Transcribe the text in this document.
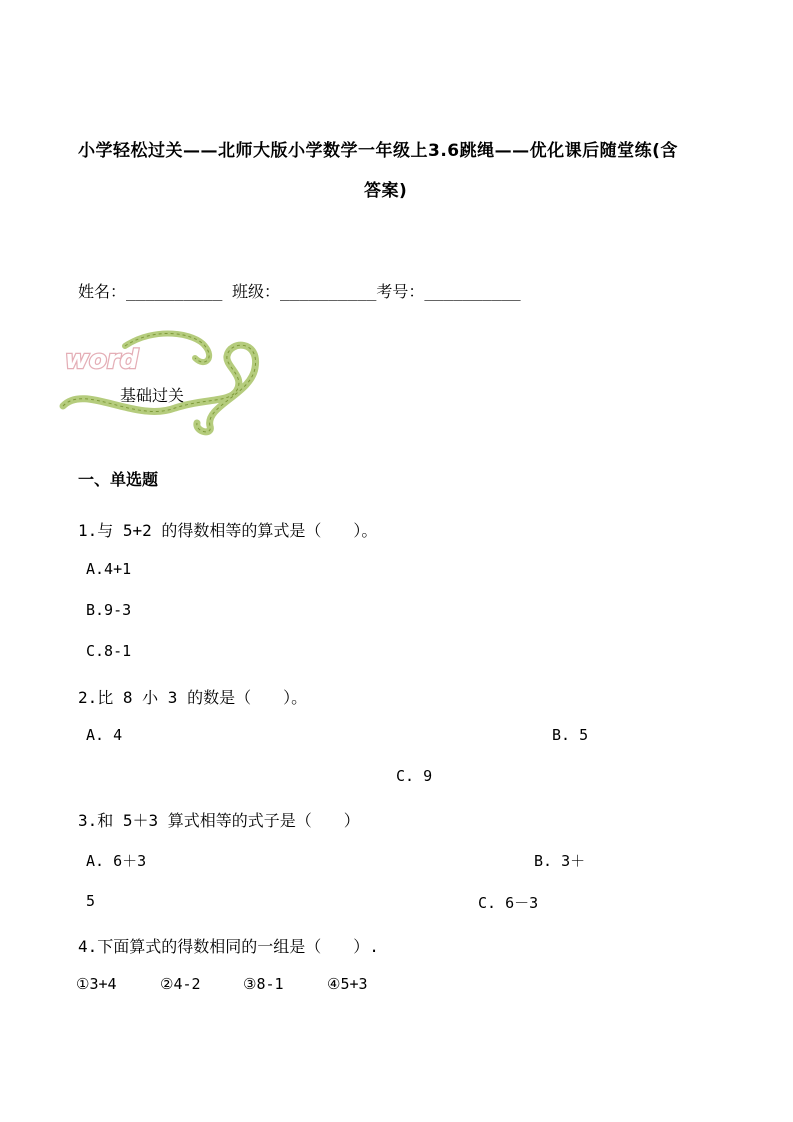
小学轻松过关——北师大版小学数学一年级上3.6跳绳——优化课后随堂练(含
答案)
姓名：__________ 班级：__________考号：__________
word
基础过关
一、单选题
1.与 5+2 的得数相等的算式是（　　）。
A.4+1
B.9-3
C.8-1
2.比 8 小 3 的数是（　　）。
A. 4	B. 5
C. 9
3.和 5＋3 算式相等的式子是（　　）
A. 6＋3	B. 3＋
5	C. 6－3
4.下面算式的得数相同的一组是（　　）.
①3+4	②4-2	③8-1	④5+3
